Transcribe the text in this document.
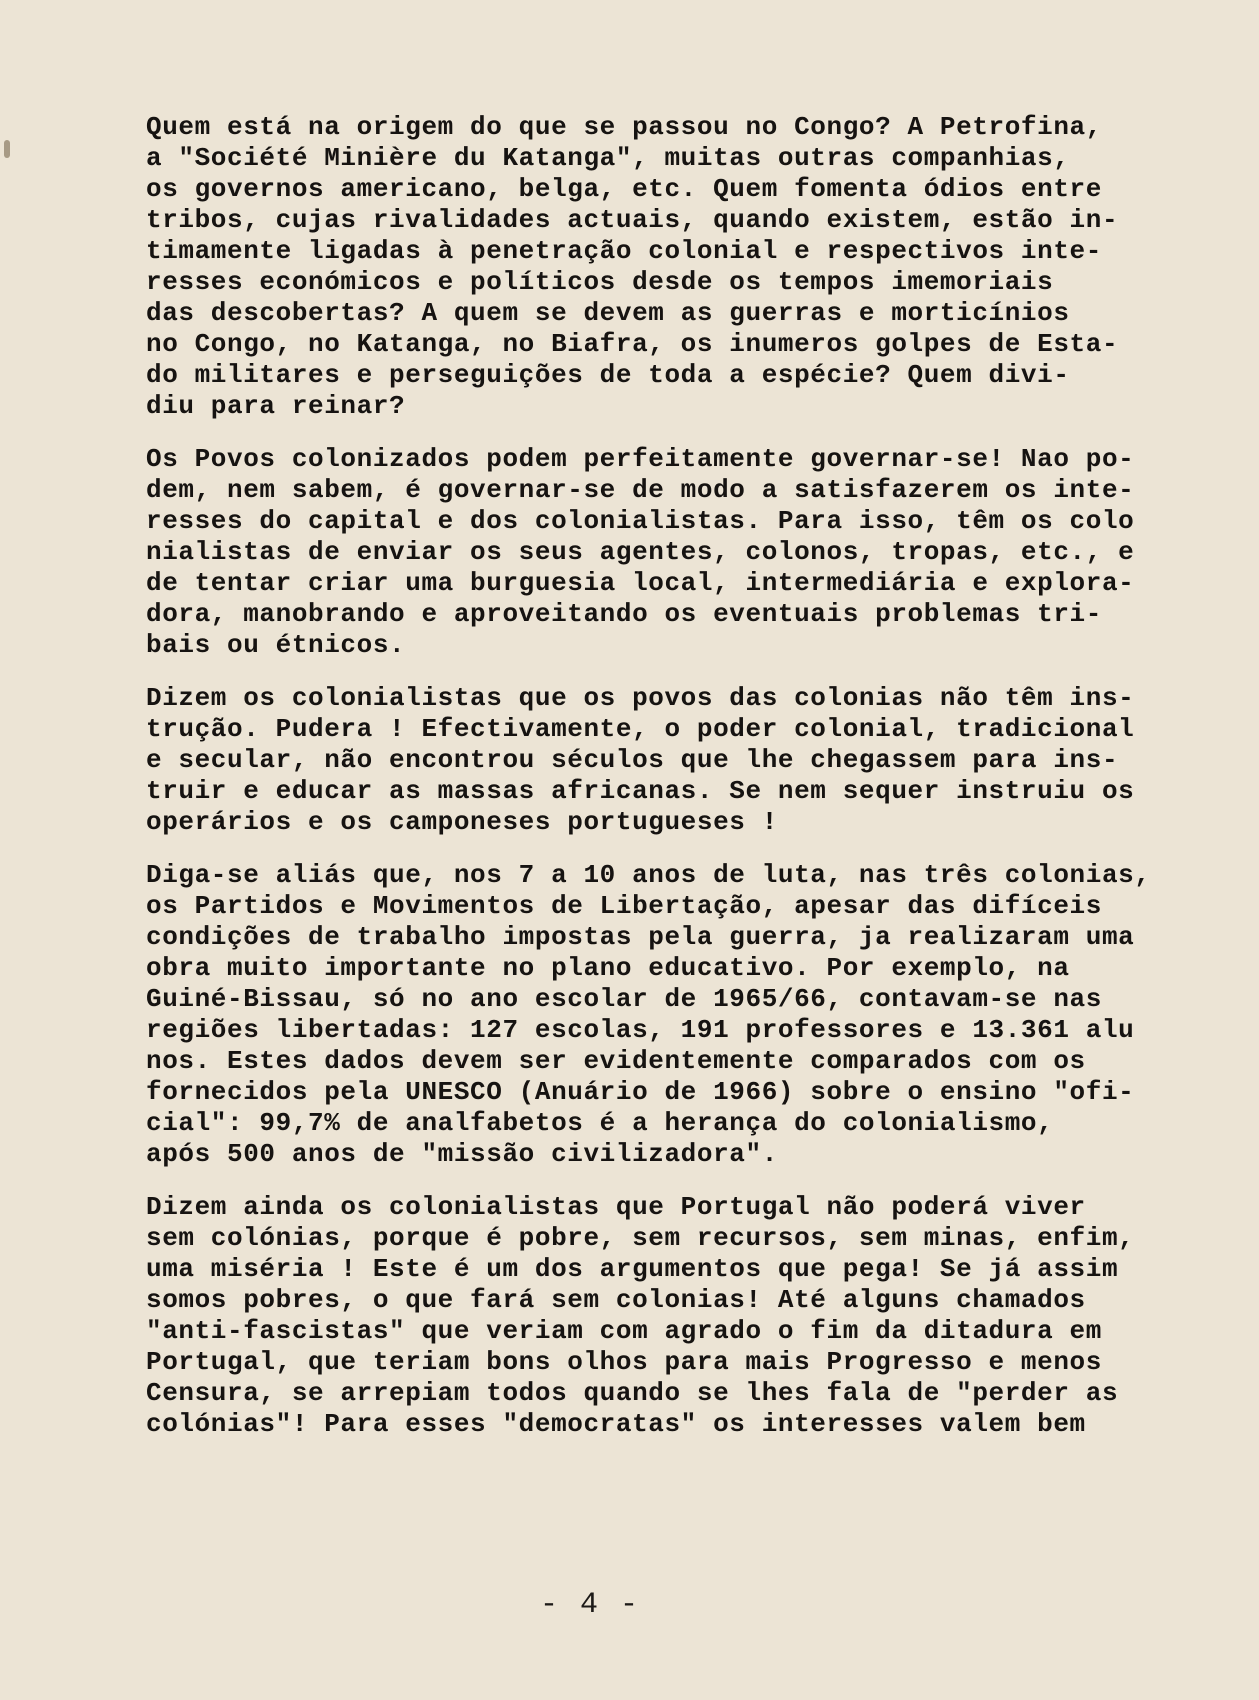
Quem está na origem do que se passou no Congo? A Petrofina,
a "Société Minière du Katanga", muitas outras companhias,
os governos americano, belga, etc. Quem fomenta ódios entre
tribos, cujas rivalidades actuais, quando existem, estão in-
timamente ligadas à penetração colonial e respectivos inte-
resses económicos e políticos desde os tempos imemoriais
das descobertas? A quem se devem as guerras e morticínios
no Congo, no Katanga, no Biafra, os inumeros golpes de Esta-
do militares e perseguições de toda a espécie? Quem divi-
diu para reinar?
Os Povos colonizados podem perfeitamente governar-se! Nao po-
dem, nem sabem, é governar-se de modo a satisfazerem os inte-
resses do capital e dos colonialistas. Para isso, têm os colo
nialistas de enviar os seus agentes, colonos, tropas, etc., e
de tentar criar uma burguesia local, intermediária e explora-
dora, manobrando e aproveitando os eventuais problemas tri-
bais ou étnicos.
Dizem os colonialistas que os povos das colonias não têm ins-
trução. Pudera ! Efectivamente, o poder colonial, tradicional
e secular, não encontrou séculos que lhe chegassem para ins-
truir e educar as massas africanas. Se nem sequer instruiu os
operários e os camponeses portugueses !
Diga-se aliás que, nos 7 a 10 anos de luta, nas três colonias,
os Partidos e Movimentos de Libertação, apesar das difíceis
condições de trabalho impostas pela guerra, ja realizaram uma
obra muito importante no plano educativo. Por exemplo, na
Guiné-Bissau, só no ano escolar de 1965/66, contavam-se nas
regiões libertadas: 127 escolas, 191 professores e 13.361 alu
nos. Estes dados devem ser evidentemente comparados com os
fornecidos pela UNESCO (Anuário de 1966) sobre o ensino "ofi-
cial": 99,7% de analfabetos é a herança do colonialismo,
após 500 anos de "missão civilizadora".
Dizem ainda os colonialistas que Portugal não poderá viver
sem colónias, porque é pobre, sem recursos, sem minas, enfim,
uma miséria ! Este é um dos argumentos que pega! Se já assim
somos pobres, o que fará sem colonias! Até alguns chamados
"anti-fascistas" que veriam com agrado o fim da ditadura em
Portugal, que teriam bons olhos para mais Progresso e menos
Censura, se arrepiam todos quando se lhes fala de "perder as
colónias"! Para esses "democratas" os interesses valem bem
- 4 -
